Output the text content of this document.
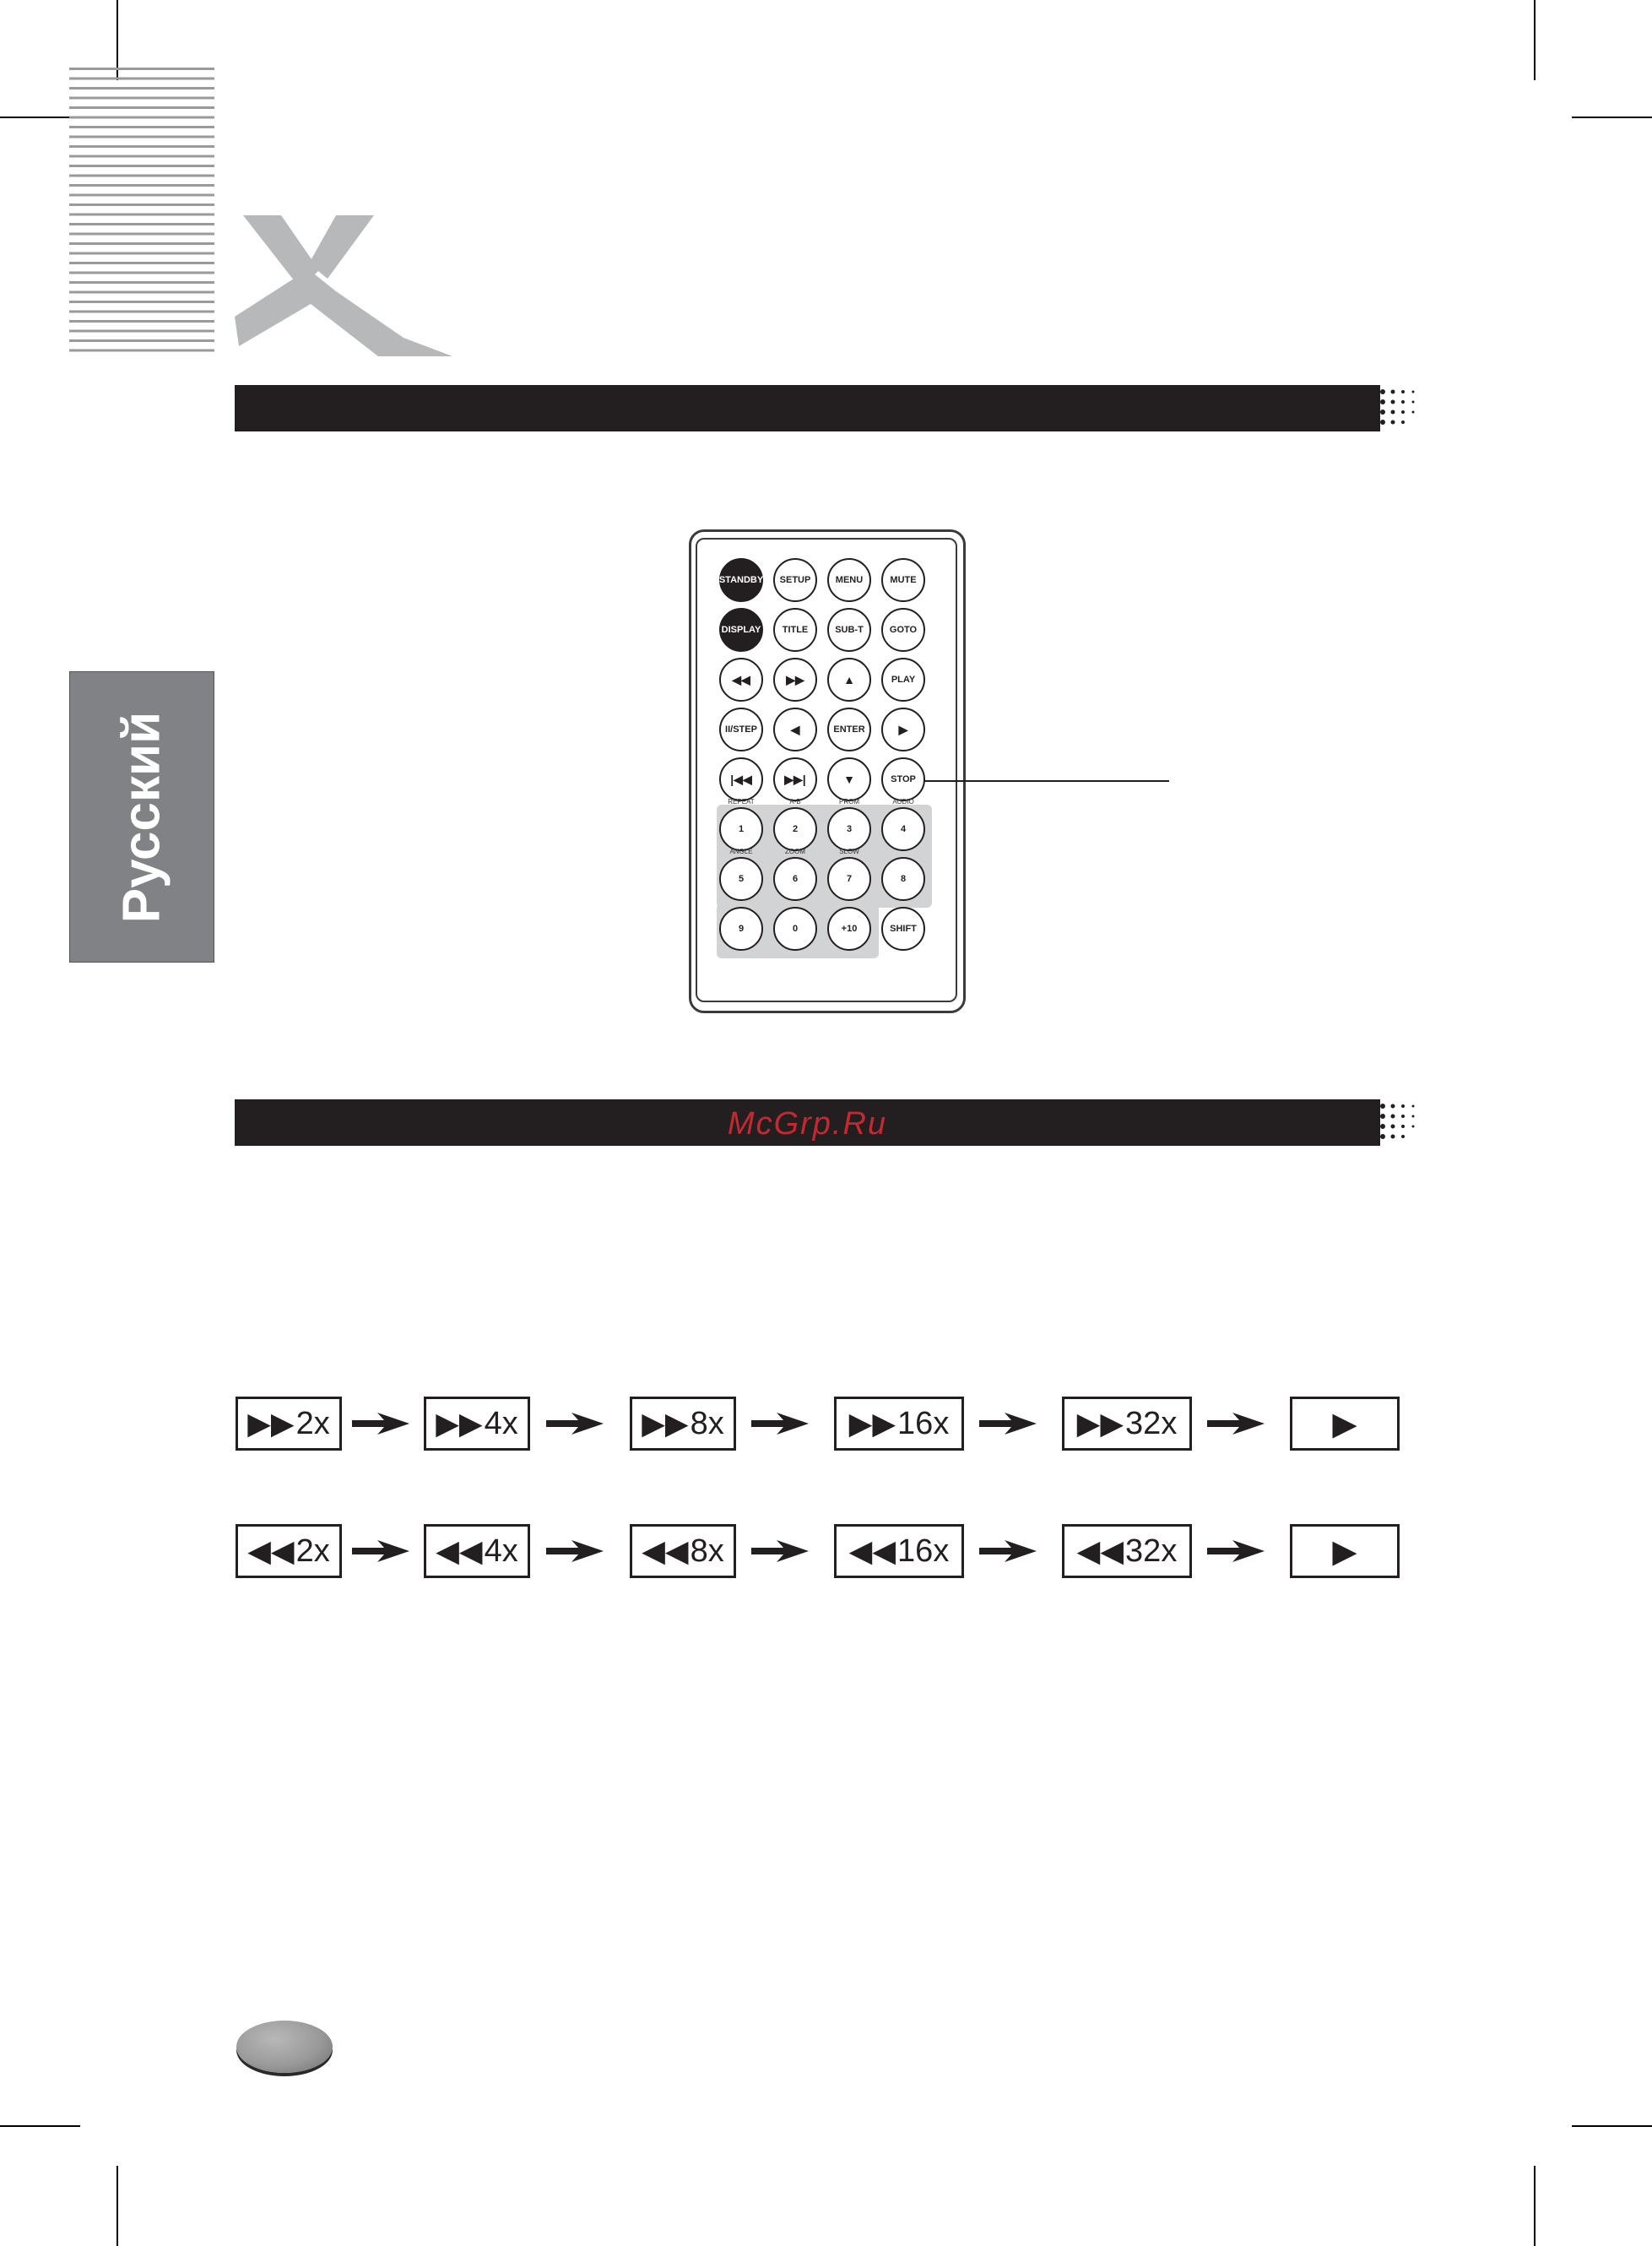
Русский
STANDBY	SETUP	MENU	MUTE
DISPLAY	TITLE	SUB-T	GOTO
◀◀	▶▶	▲	PLAY
II/STEP	◀	ENTER	▶
|◀◀	▶▶|	▼	STOP
1
REPEAT
2
A-B
3
PROM
4
AUDIO
5
ANGLE
6
ZOOM
7
SLOW
8
9	0	+10	SHIFT
McGrp.Ru
▶▶ 2x	▶▶ 4x	▶▶ 8x	▶▶ 16x	▶▶ 32x	▶
◀◀ 2x	◀◀ 4x	◀◀ 8x	◀◀ 16x	◀◀ 32x	▶
